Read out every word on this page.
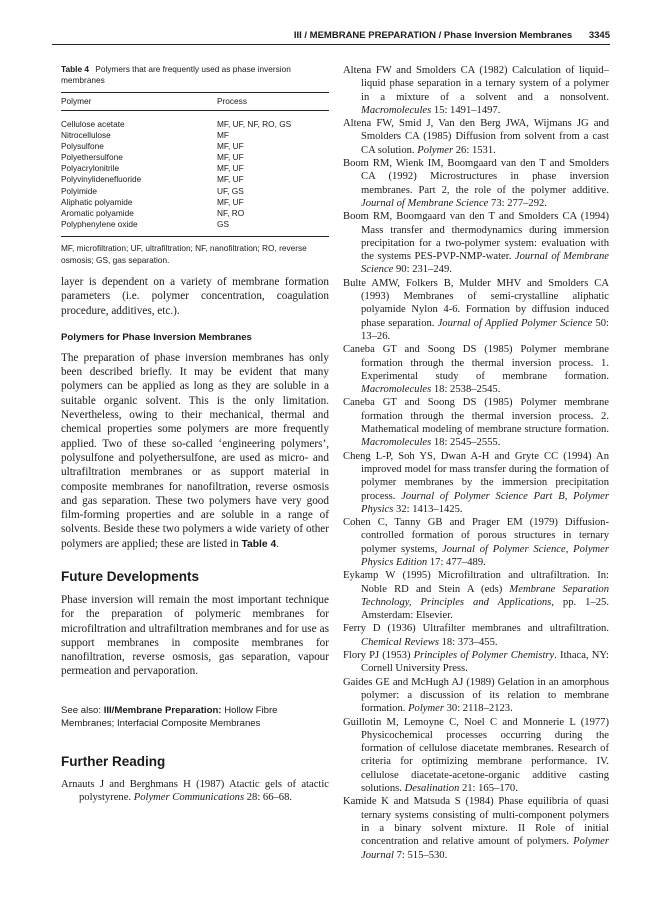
III / MEMBRANE PREPARATION / Phase Inversion Membranes 3345
Table 4 Polymers that are frequently used as phase inversion membranes
Polymer	Process
Cellulose acetate	MF, UF, NF, RO, GS
Nitrocellulose	MF
Polysulfone	MF, UF
Polyethersulfone	MF, UF
Polyacrylonitrile	MF, UF
Polyvinylidenefluoride	MF, UF
Polyimide	UF, GS
Aliphatic polyamide	MF, UF
Aromatic polyamide	NF, RO
Polyphenylene oxide	GS
MF, microfiltration; UF, ultrafiltration; NF, nanofiltration; RO, reverse osmosis; GS, gas separation.

layer is dependent on a variety of membrane formation parameters (i.e. polymer concentration, coagulation procedure, additives, etc.).

Polymers for Phase Inversion Membranes

The preparation of phase inversion membranes has only been described briefly. It may be evident that many polymers can be applied as long as they are soluble in a suitable organic solvent. This is the only limitation. Nevertheless, owing to their mechanical, thermal and chemical properties some polymers are more frequently applied. Two of these so-called ‘engineering polymers’, polysulfone and polyethersulfone, are used as micro- and ultrafiltration membranes or as support material in composite membranes for nanofiltration, reverse osmosis and gas separation. These two polymers have very good film-forming properties and are soluble in a range of solvents. Beside these two polymers a wide variety of other polymers are applied; these are listed in Table 4.

Future Developments

Phase inversion will remain the most important technique for the preparation of polymeric membranes for microfiltration and ultrafiltration membranes and for use as support membranes in composite membranes for nanofiltration, reverse osmosis, gas separation, vapour permeation and pervaporation.

See also: III/Membrane Preparation: Hollow Fibre Membranes; Interfacial Composite Membranes
Further Reading

Arnauts J and Berghmans H (1987) Atactic gels of atactic polystyrene. Polymer Communications 28: 66–68.

Altena FW and Smolders CA (1982) Calculation of liquid–liquid phase separation in a ternary system of a polymer in a mixture of a solvent and a nonsolvent. Macromolecules 15: 1491–1497.

Altena FW, Smid J, Van den Berg JWA, Wijmans JG and Smolders CA (1985) Diffusion from solvent from a cast CA solution. Polymer 26: 1531.

Boom RM, Wienk IM, Boomgaard van den T and Smolders CA (1992) Microstructures in phase inversion membranes. Part 2, the role of the polymer additive. Journal of Membrane Science 73: 277–292.

Boom RM, Boomgaard van den T and Smolders CA (1994) Mass transfer and thermodynamics during immersion precipitation for a two-polymer system: evaluation with the systems PES-PVP-NMP-water. Journal of Membrane Science 90: 231–249.

Bulte AMW, Folkers B, Mulder MHV and Smolders CA (1993) Membranes of semi-crystalline aliphatic polyamide Nylon 4-6. Formation by diffusion induced phase separation. Journal of Applied Polymer Science 50: 13–26.

Caneba GT and Soong DS (1985) Polymer membrane formation through the thermal inversion process. 1. Experimental study of membrane formation. Macromolecules 18: 2538–2545.

Caneba GT and Soong DS (1985) Polymer membrane formation through the thermal inversion process. 2. Mathematical modeling of membrane structure formation. Macromolecules 18: 2545–2555.

Cheng L-P, Soh YS, Dwan A-H and Gryte CC (1994) An improved model for mass transfer during the formation of polymer membranes by the immersion precipitation process. Journal of Polymer Science Part B, Polymer Physics 32: 1413–1425.

Cohen C, Tanny GB and Prager EM (1979) Diffusion-controlled formation of porous structures in ternary polymer systems, Journal of Polymer Science, Polymer Physics Edition 17: 477–489.

Eykamp W (1995) Microfiltration and ultrafiltration. In: Noble RD and Stein A (eds) Membrane Separation Technology, Principles and Applications, pp. 1–25. Amsterdam: Elsevier.

Ferry D (1936) Ultrafilter membranes and ultrafiltration. Chemical Reviews 18: 373–455.

Flory PJ (1953) Principles of Polymer Chemistry. Ithaca, NY: Cornell University Press.

Gaides GE and McHugh AJ (1989) Gelation in an amorphous polymer: a discussion of its relation to membrane formation. Polymer 30: 2118–2123.

Guillotin M, Lemoyne C, Noel C and Monnerie L (1977) Physicochemical processes occurring during the formation of cellulose diacetate membranes. Research of criteria for optimizing membrane performance. IV. cellulose diacetate-acetone-organic additive casting solutions. Desalination 21: 165–170.

Kamide K and Matsuda S (1984) Phase equilibria of quasi ternary systems consisting of multi-component polymers in a binary solvent mixture. II Role of initial concentration and relative amount of polymers. Polymer Journal 7: 515–530.
